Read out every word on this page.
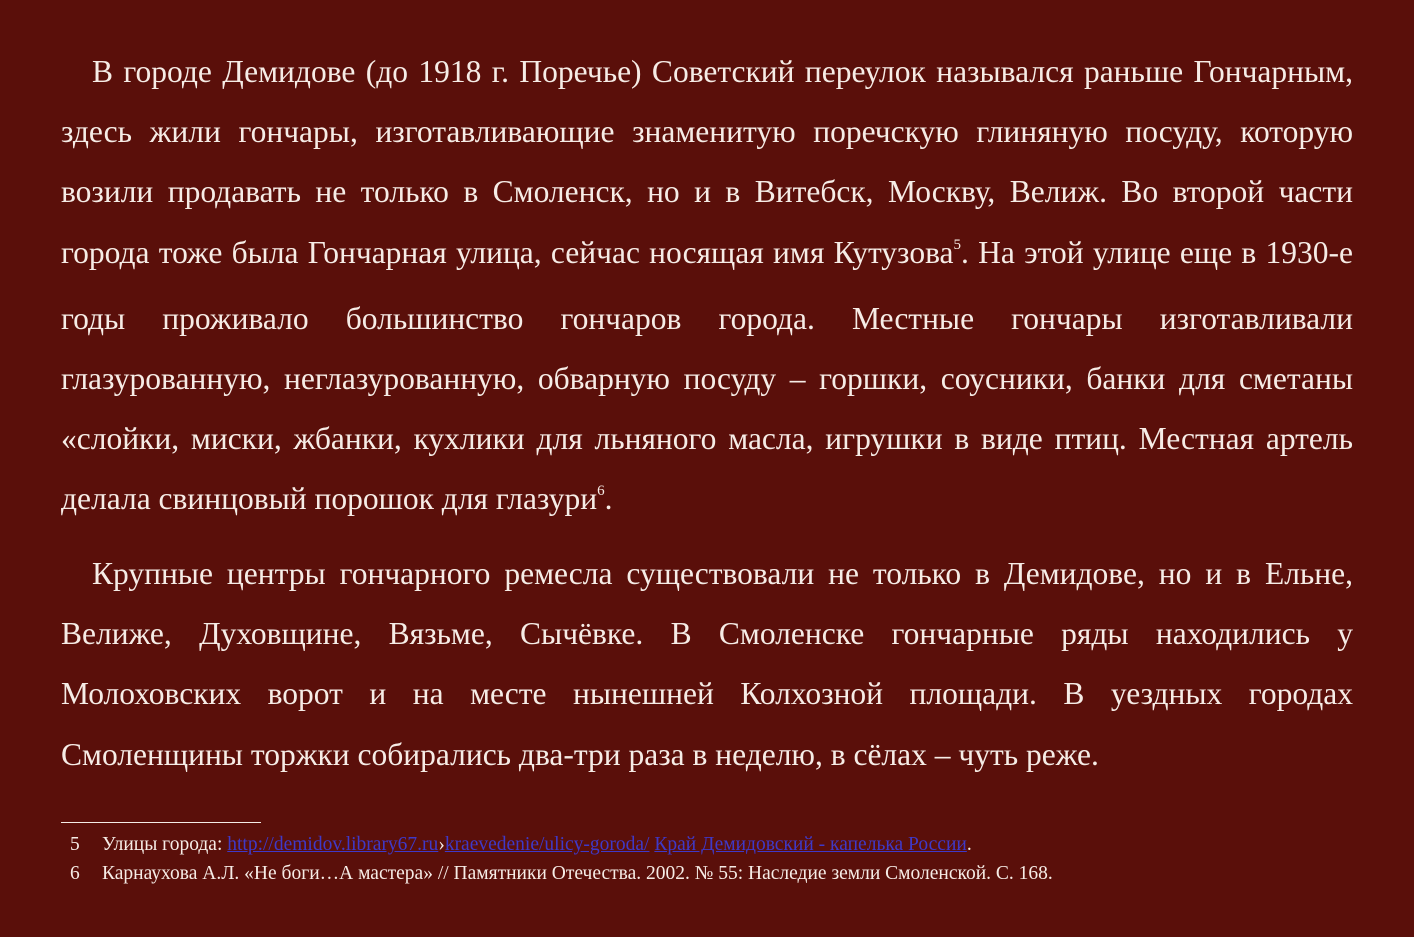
В городе Демидове (до 1918 г. Поречье) Советский переулок назывался раньше Гончарным, здесь жили гончары, изготавливающие знаменитую поречскую глиняную посуду, которую возили продавать не только в Смоленск, но и в Витебск, Москву, Велиж. Во второй части города тоже была Гончарная улица, сейчас носящая имя Кутузова$^5$. На этой улице еще в 1930-е годы проживало большинство гончаров города. Местные гончары изготавливали глазурованную, неглазурованную, обварную посуду – горшки, соусники, банки для сметаны «слойки, миски, жбанки, кухлики для льняного масла, игрушки в виде птиц. Местная артель делала свинцовый порошок для глазури$^6$.

Крупные центры гончарного ремесла существовали не только в Демидове, но и в Ельне, Велиже, Духовщине, Вязьме, Сычёвке. В Смоленске гончарные ряды находились у Молоховских ворот и на месте нынешней Колхозной площади. В уездных городах Смоленщины торжки собирались два-три раза в неделю, в сёлах – чуть реже.

5 Улицы города: http://demidov.library67.ru›kraevedenie/ulicy-goroda/ Край Демидовский - капелька России.
6 Карнаухова А.Л. «Не боги…А мастера» // Памятники Отечества. 2002. № 55: Наследие земли Смоленской. С. 168.
